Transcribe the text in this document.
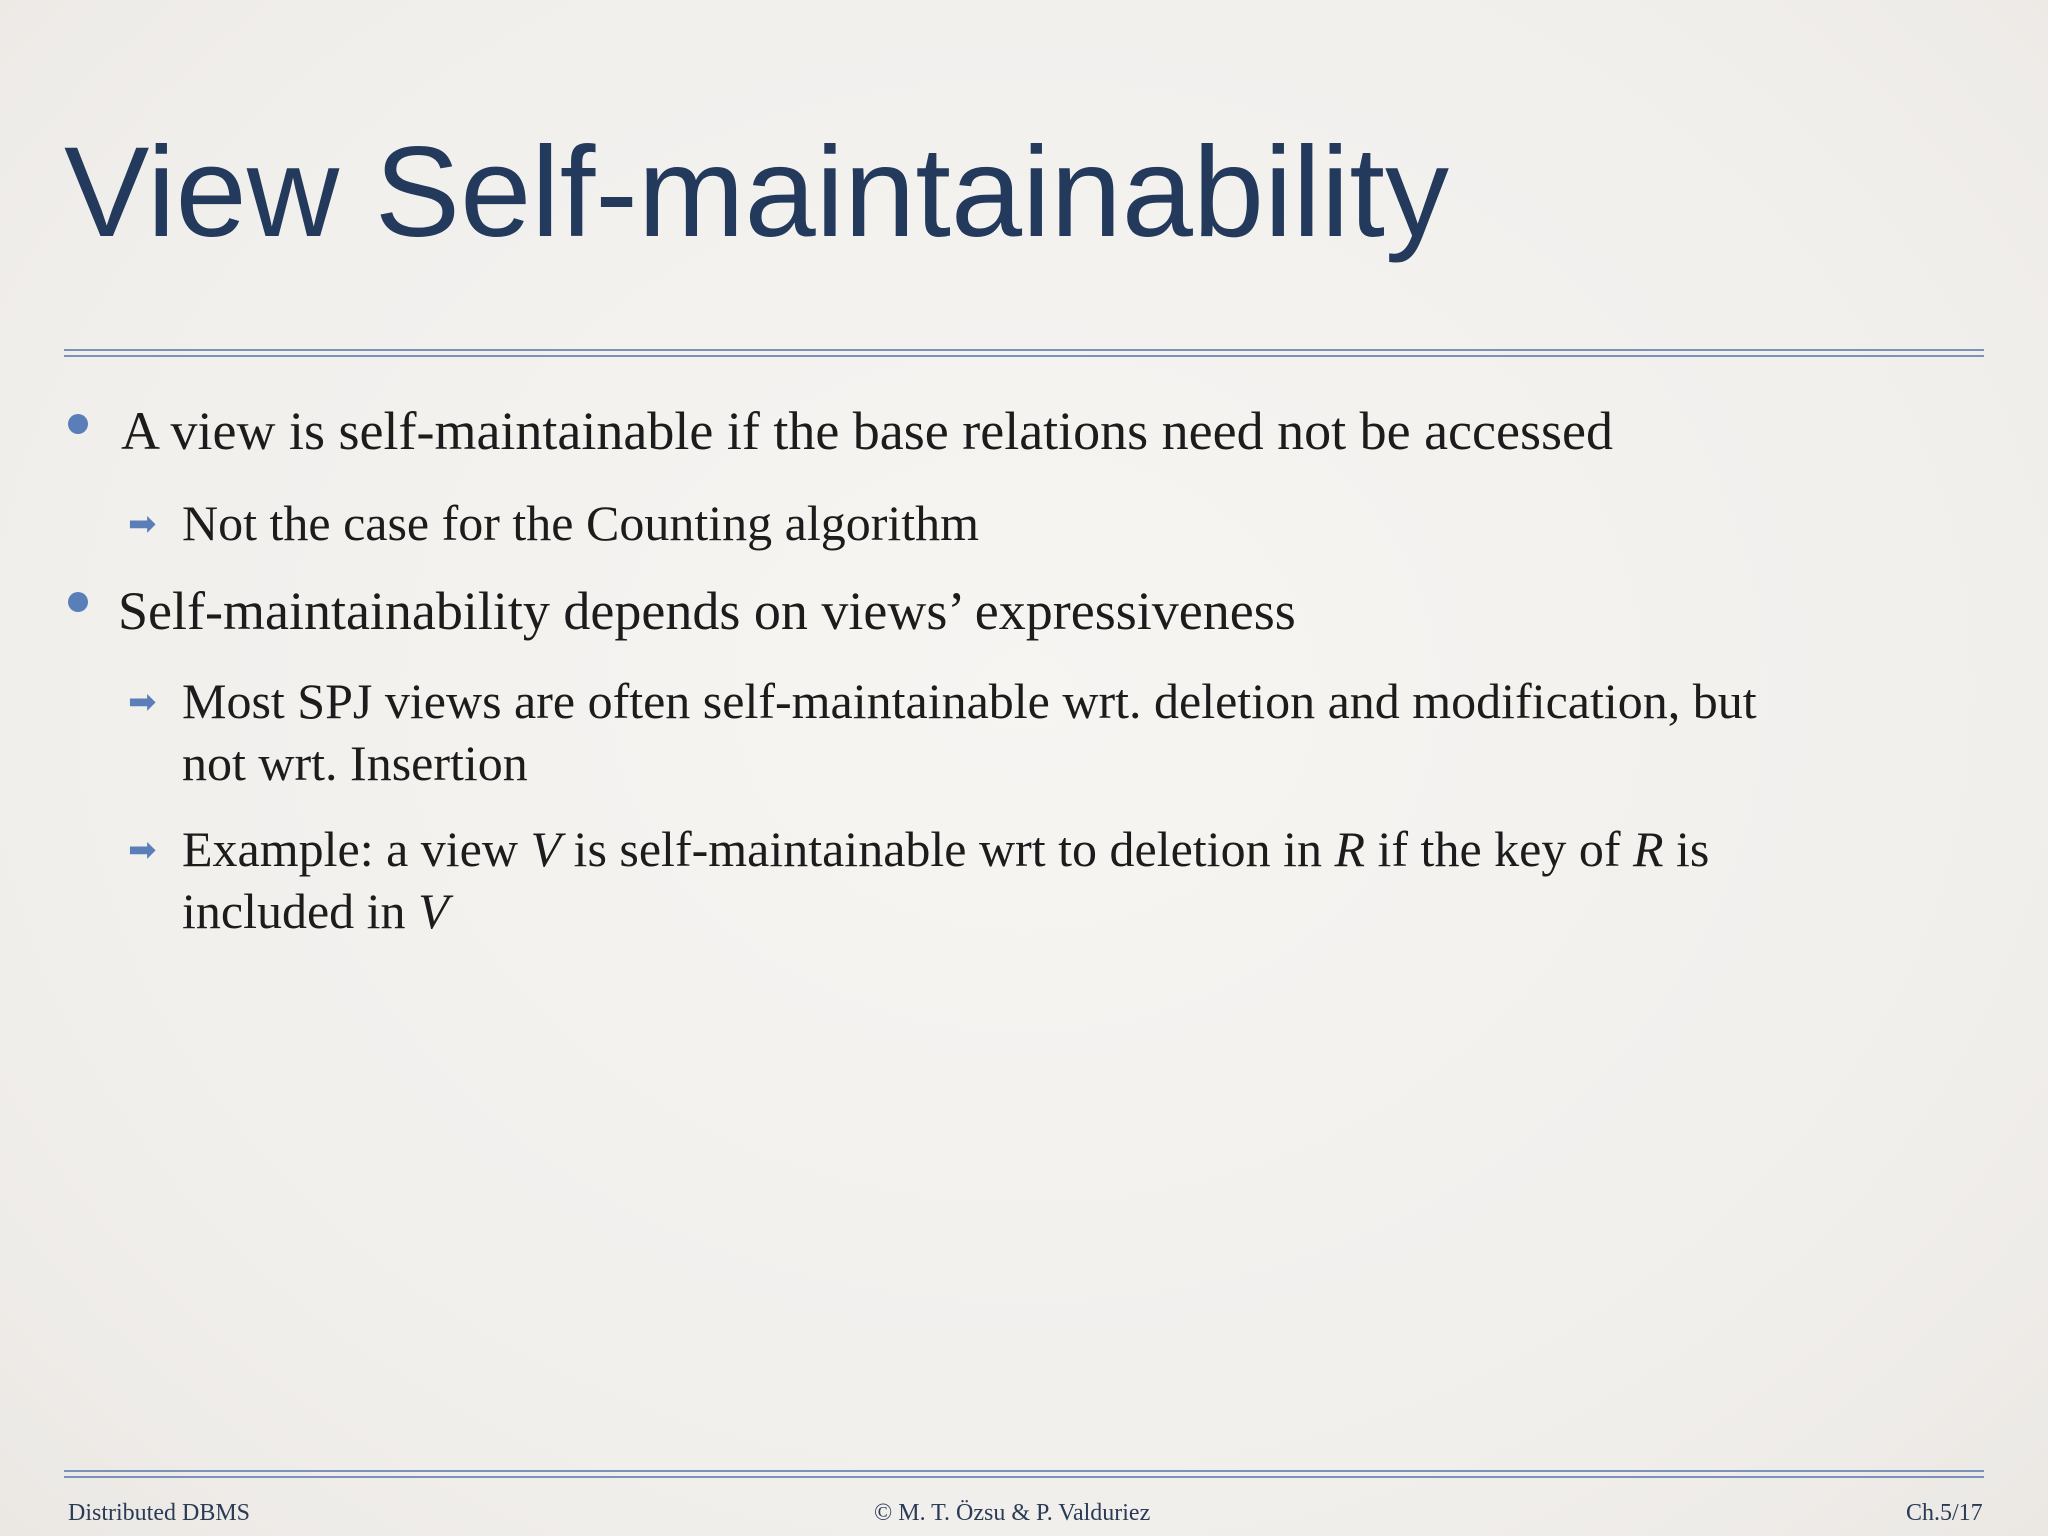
View Self-maintainability
A view is self-maintainable if the base relations need not be accessed
➡ Not the case for the Counting algorithm
Self-maintainability depends on views’ expressiveness
➡ Most SPJ views are often self-maintainable wrt. deletion and modification, but
not wrt. Insertion
➡ Example: a view V is self-maintainable wrt to deletion in R if the key of R is
included in V
Distributed DBMS	© M. T. Özsu & P. Valduriez	Ch.5/17
